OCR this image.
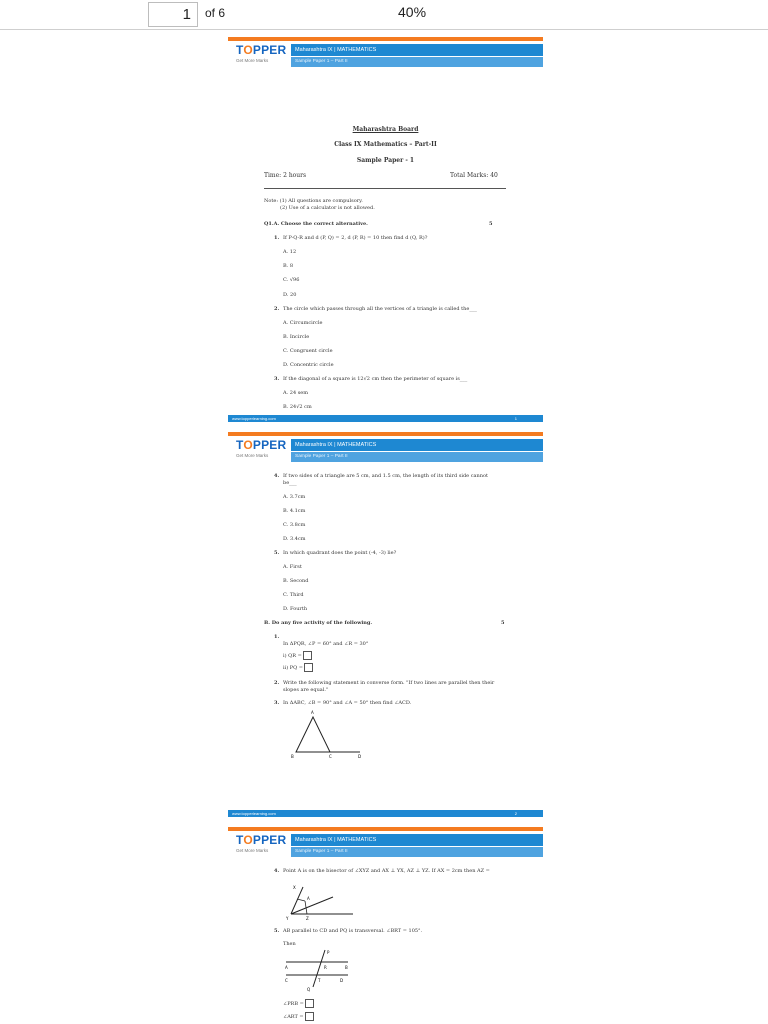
1	of 6	40%
TOPPER
Get More Marks
Maharashtra IX | MATHEMATICS
Sample Paper 1 – Part II
Maharashtra Board
Class IX Mathematics – Part-II
Sample Paper - 1
Time: 2 hours	Total Marks: 40
Note: (1) All questions are compulsory.
(2) Use of a calculator is not allowed.
Q1.A. Choose the correct alternative.	5
1. If P-Q-R and d (P, Q) = 2, d (P, R) = 10 then find d (Q, R)?
A. 12
B. 8
C. √96
D. 20
2. The circle which passes through all the vertices of a triangle is called the___
A. Circumcircle
B. Incircle
C. Congruent circle
D. Concentric circle
3. If the diagonal of a square is 12√2 cm then the perimeter of square is___
A. 24 sem
B. 24√2 cm
www.topperlearning.com	1
TOPPER
Get More Marks
Maharashtra IX | MATHEMATICS
Sample Paper 1 – Part II
4. If two sides of a triangle are 5 cm, and 1.5 cm, the length of its third side cannot
be___
A. 3.7cm
B. 4.1cm
C. 3.8cm
D. 3.4cm
5. In which quadrant does the point (-4, -3) lie?
A. First
B. Second
C. Third
D. Fourth
B. Do any five activity of the following.	5
1.
In ΔPQR, ∠P = 60° and ∠R = 30°
i) QR =
ii) PQ =
2. Write the following statement in converse form. "If two lines are parallel then their
slopes are equal."
3. In ΔABC, ∠B = 90° and ∠A = 50° then find ∠ACD.
A
B	C	D
www.topperlearning.com	2
TOPPER
Get More Marks
Maharashtra IX | MATHEMATICS
Sample Paper 1 – Part II
4. Point A is on the bisector of ∠XYZ and AX ⊥ YX, AZ ⊥ YZ. If AX = 2cm then AZ =
X
A
Y	Z
5. AB parallel to CD and PQ is transversal. ∠BRT = 105°.
Then
P
A	R	B
C	T	D
Q
∠PRB =
∠ART =
